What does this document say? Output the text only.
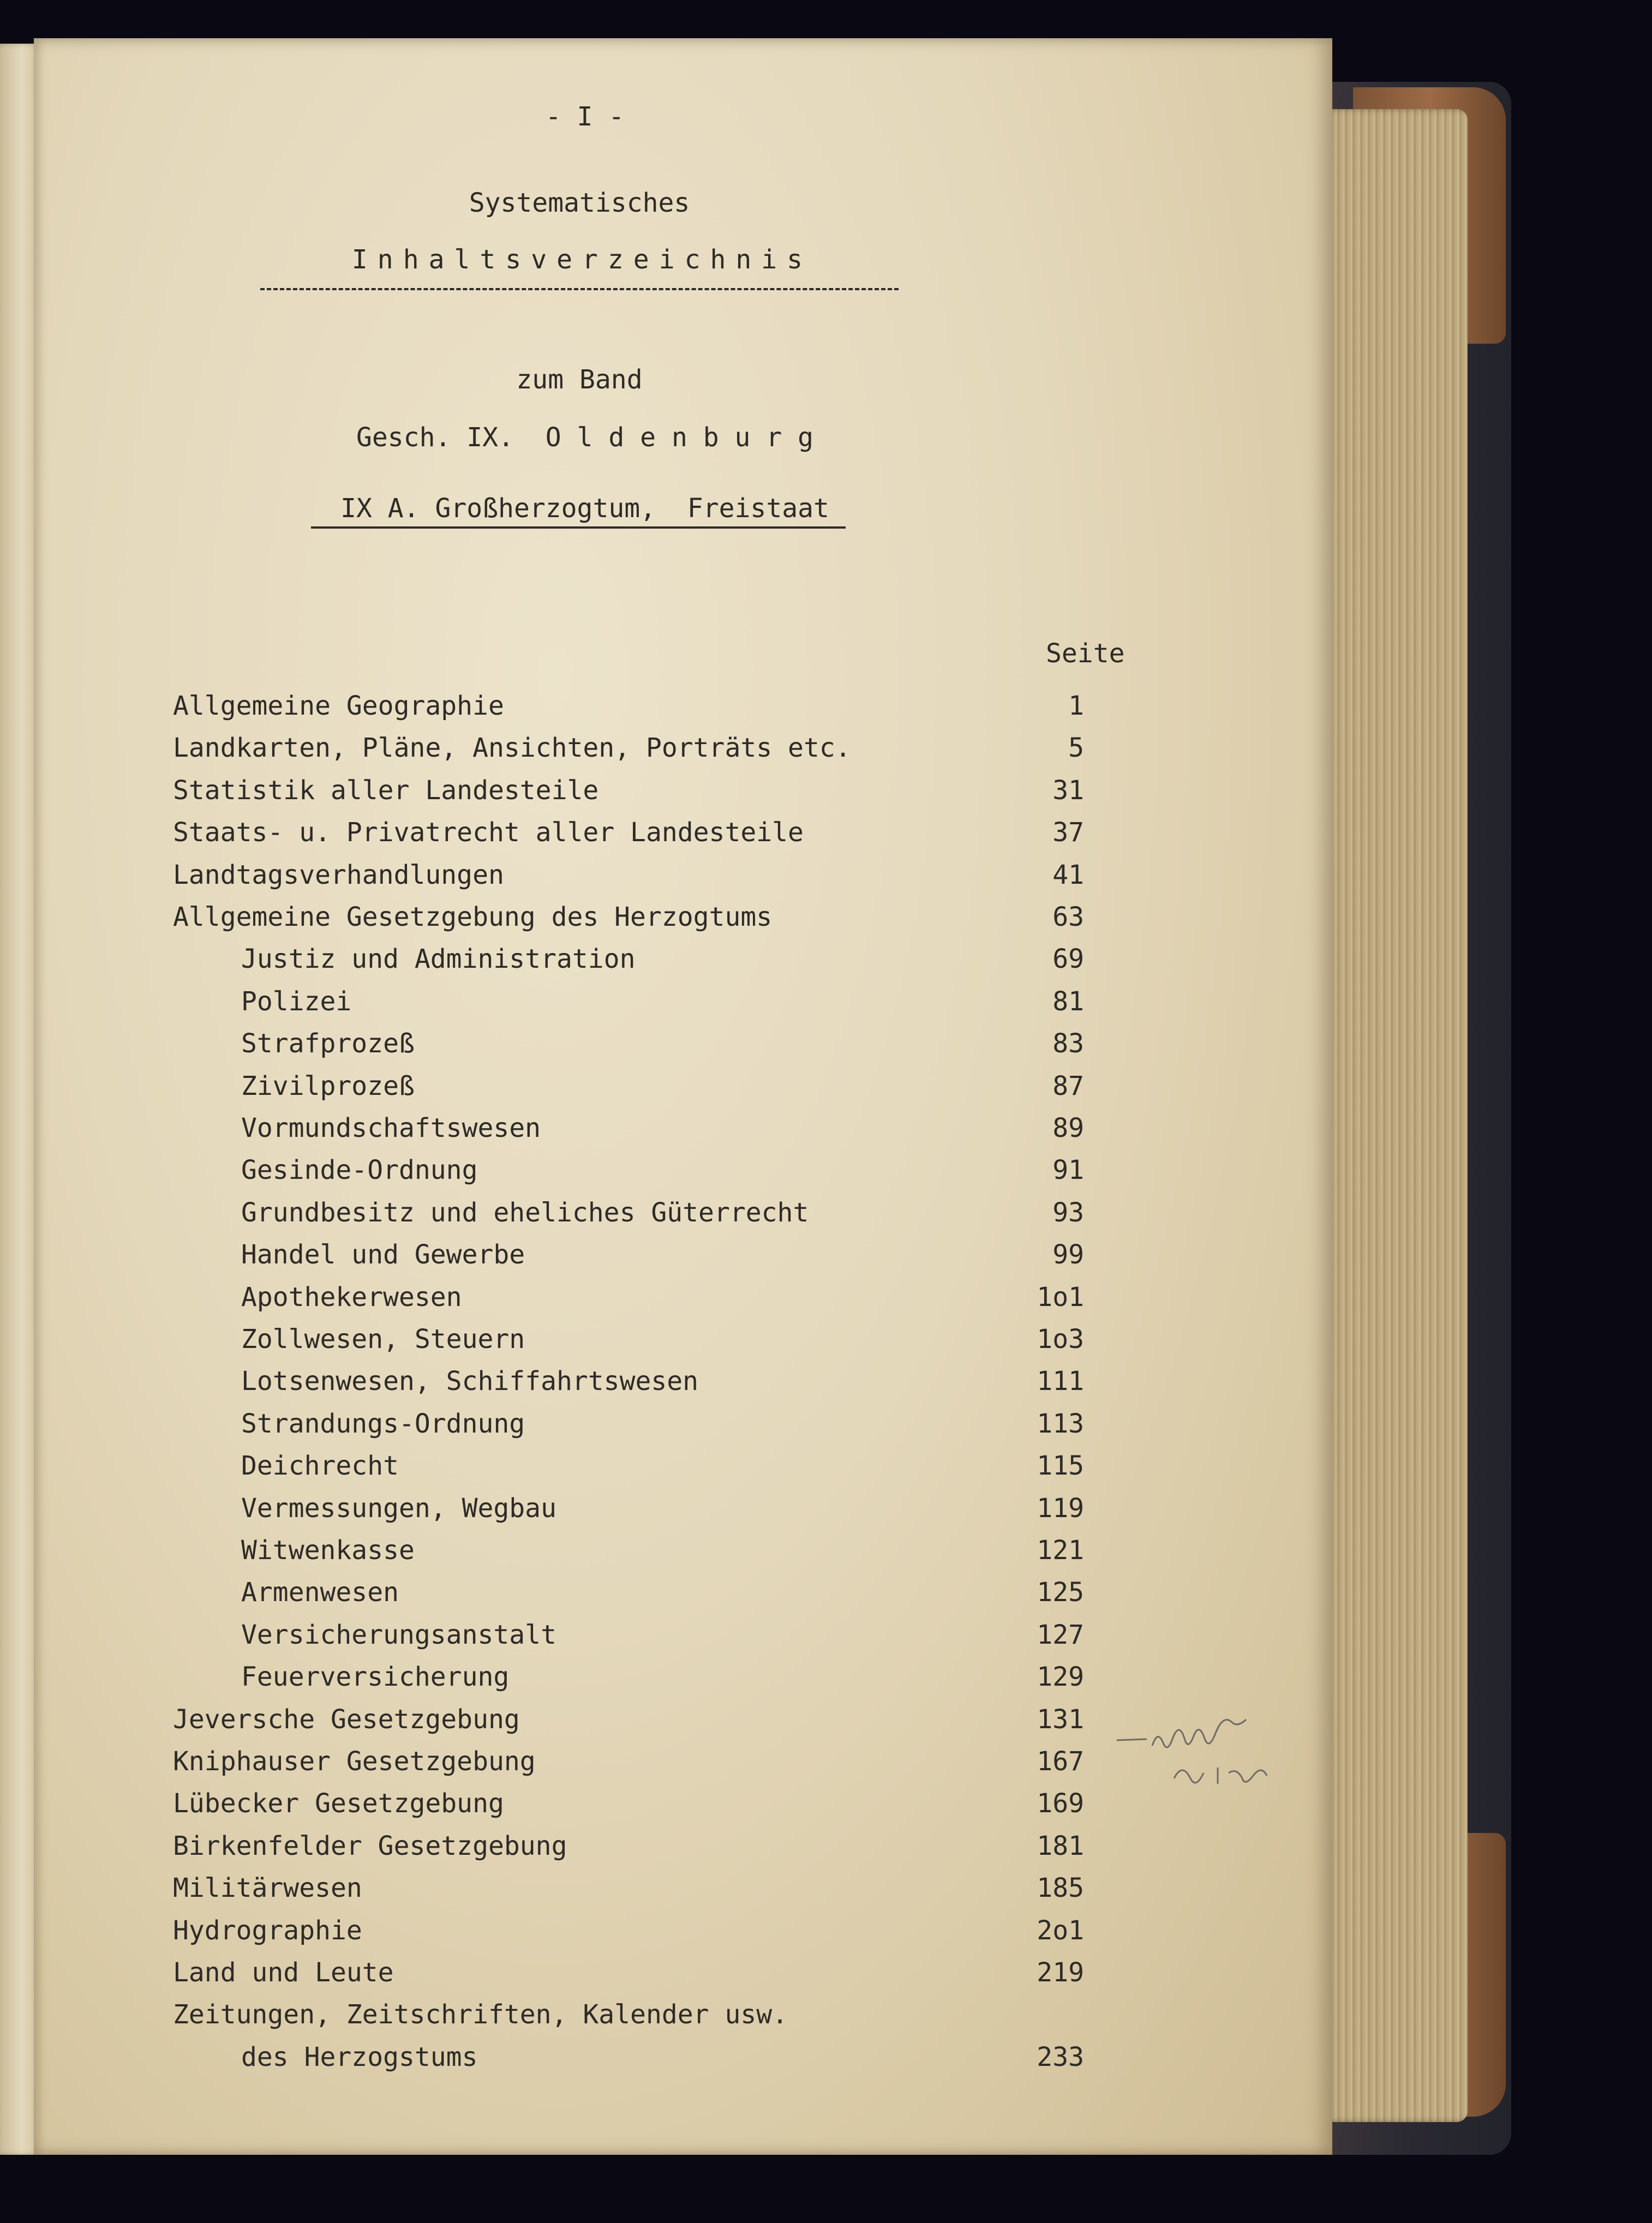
- I -
Systematisches
Inhaltsverzeichnis
zum Band
Gesch. IX.  O l d e n b u r g
IX A. Großherzogtum,  Freistaat
Seite
Allgemeine Geographie	1
Landkarten, Pläne, Ansichten, Porträts etc.	5
Statistik aller Landesteile	31
Staats- u. Privatrecht aller Landesteile	37
Landtagsverhandlungen	41
Allgemeine Gesetzgebung des Herzogtums	63
Justiz und Administration	69
Polizei	81
Strafprozeß	83
Zivilprozeß	87
Vormundschaftswesen	89
Gesinde-Ordnung	91
Grundbesitz und eheliches Güterrecht	93
Handel und Gewerbe	99
Apothekerwesen	1o1
Zollwesen, Steuern	1o3
Lotsenwesen, Schiffahrtswesen	111
Strandungs-Ordnung	113
Deichrecht	115
Vermessungen, Wegbau	119
Witwenkasse	121
Armenwesen	125
Versicherungsanstalt	127
Feuerversicherung	129
Jeversche Gesetzgebung	131
Kniphauser Gesetzgebung	167
Lübecker Gesetzgebung	169
Birkenfelder Gesetzgebung	181
Militärwesen	185
Hydrographie	2o1
Land und Leute	219
Zeitungen, Zeitschriften, Kalender usw.
des Herzogstums	233
